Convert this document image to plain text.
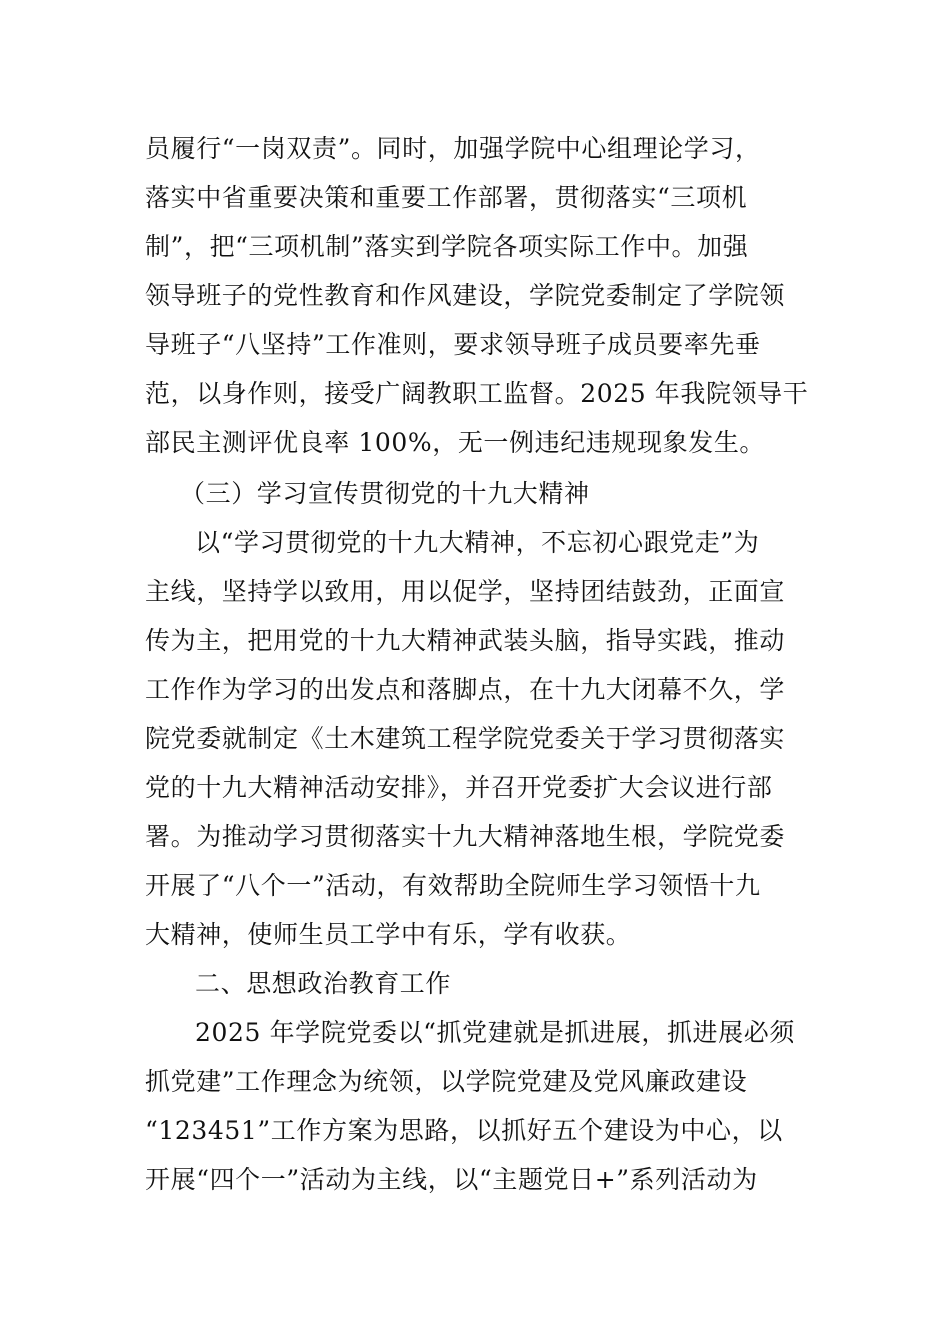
员履行“一岗双责”。同时，加强学院中心组理论学习，
落实中省重要决策和重要工作部署，贯彻落实“三项机
制”，把“三项机制”落实到学院各项实际工作中。加强
领导班子的党性教育和作风建设，学院党委制定了学院领
导班子“八坚持”工作准则，要求领导班子成员要率先垂
范，以身作则，接受广阔教职工监督。2025 年我院领导干
部民主测评优良率 100%，无一例违纪违规现象发生。
（三）学习宣传贯彻党的十九大精神
以“学习贯彻党的十九大精神，不忘初心跟党走”为
主线，坚持学以致用，用以促学，坚持团结鼓劲，正面宣
传为主，把用党的十九大精神武装头脑，指导实践，推动
工作作为学习的出发点和落脚点，在十九大闭幕不久，学
院党委就制定《土木建筑工程学院党委关于学习贯彻落实
党的十九大精神活动安排》，并召开党委扩大会议进行部
署。为推动学习贯彻落实十九大精神落地生根，学院党委
开展了“八个一”活动，有效帮助全院师生学习领悟十九
大精神，使师生员工学中有乐，学有收获。
二、思想政治教育工作
2025 年学院党委以“抓党建就是抓进展，抓进展必须
抓党建”工作理念为统领，以学院党建及党风廉政建设
“123451”工作方案为思路，以抓好五个建设为中心，以
开展“四个一”活动为主线，以“主题党日+”系列活动为
